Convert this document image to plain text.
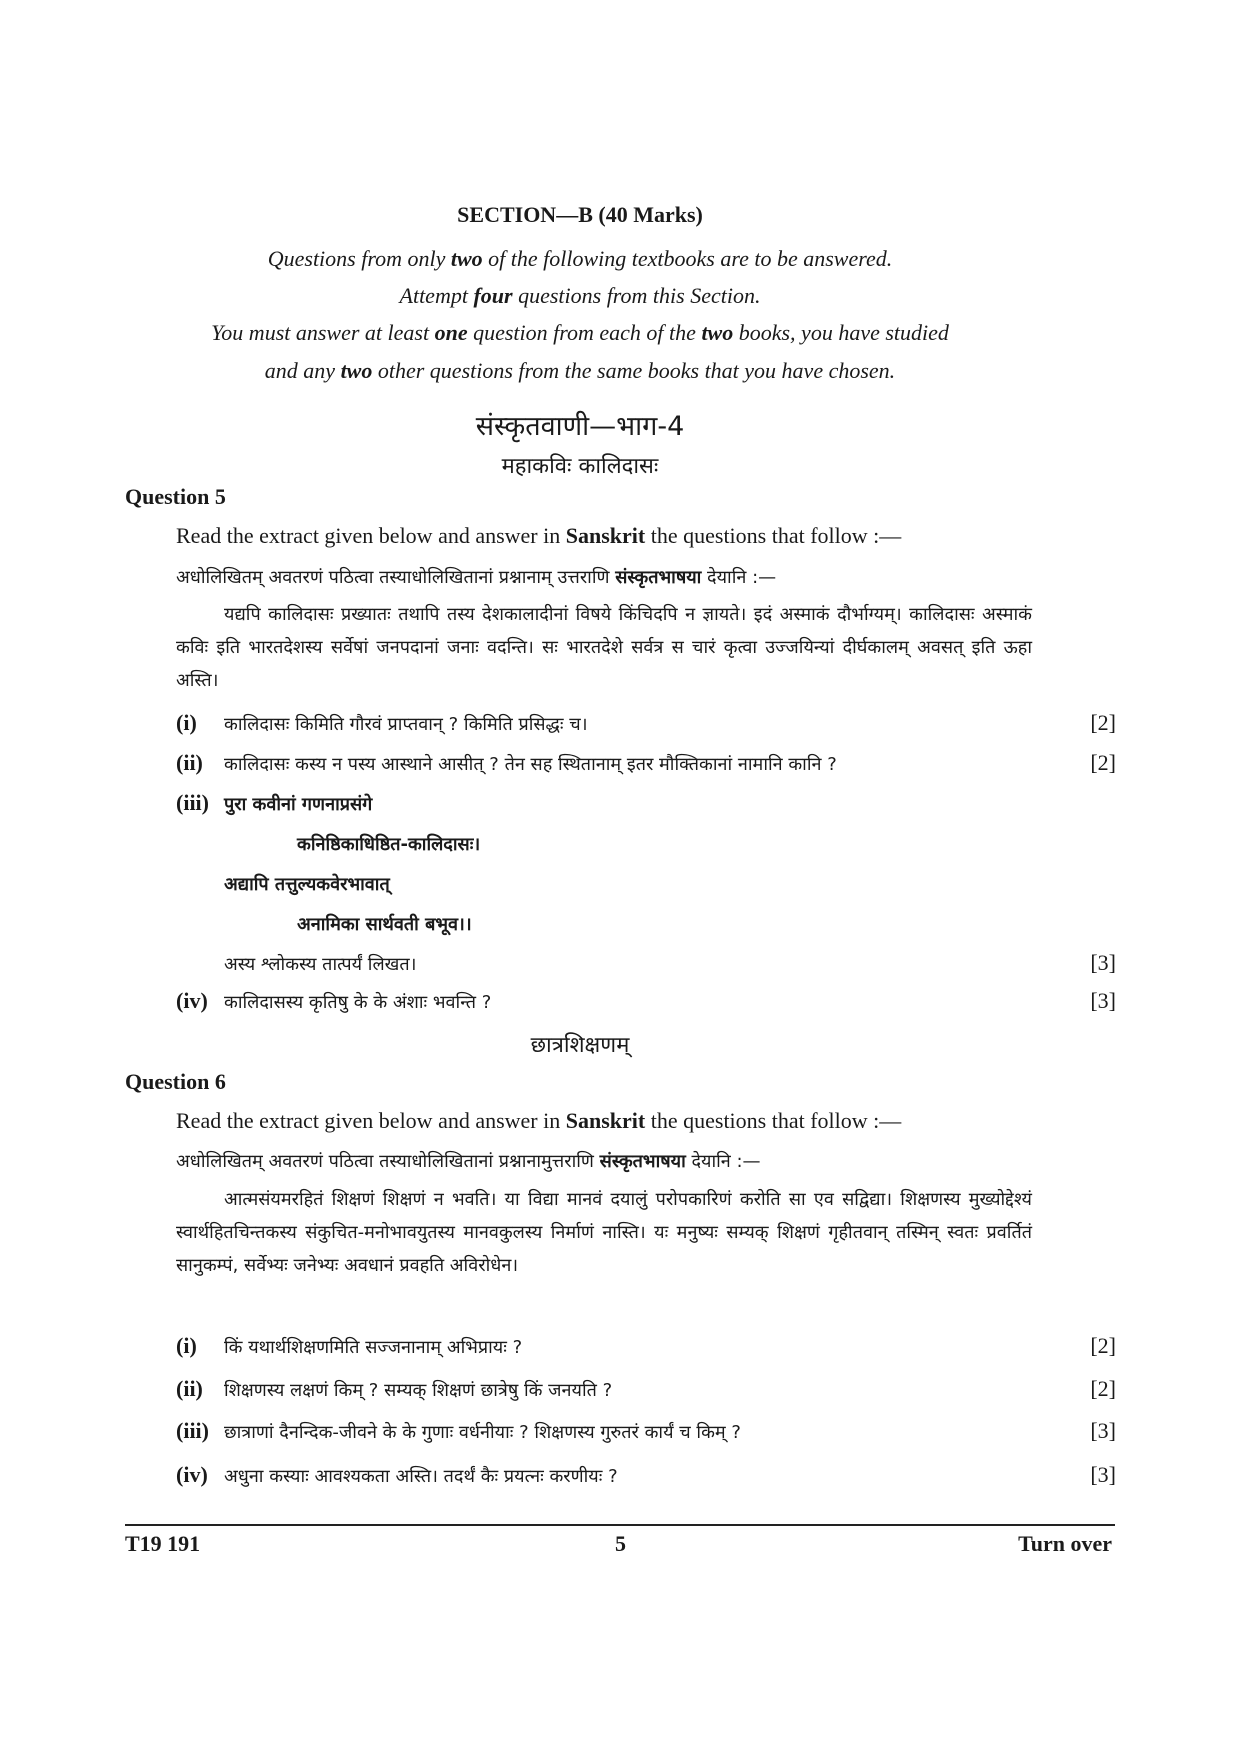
SECTION—B (40 Marks)
Questions from only two of the following textbooks are to be answered.
Attempt four questions from this Section.
You must answer at least one question from each of the two books, you have studied
and any two other questions from the same books that you have chosen.
संस्कृतवाणी—भाग-4
महाकविः कालिदासः
Question 5
Read the extract given below and answer in Sanskrit the questions that follow :—
अधोलिखितम् अवतरणं पठित्वा तस्याधोलिखितानां प्रश्नानाम् उत्तराणि संस्कृतभाषया देयानि :—
यद्यपि कालिदासः प्रख्यातः तथापि तस्य देशकालादीनां विषये किंचिदपि न ज्ञायते। इदं अस्माकं दौर्भाग्यम्। कालिदासः अस्माकं कविः इति भारतदेशस्य सर्वेषां जनपदानां जनाः वदन्ति। सः भारतदेशे सर्वत्र स चारं कृत्वा उज्जयिन्यां दीर्घकालम् अवसत् इति ऊहा अस्ति।
(i) कालिदासः किमिति गौरवं प्राप्तवान् ? किमिति प्रसिद्धः च।	[2]
(ii) कालिदासः कस्य न पस्य आस्थाने आसीत् ? तेन सह स्थितानाम् इतर मौक्तिकानां नामानि कानि ?	[2]
(iii) पुरा कवीनां गणनाप्रसंगे
कनिष्ठिकाधिष्ठित-कालिदासः।
अद्यापि तत्तुल्यकवेरभावात्
अनामिका सार्थवती बभूव।।
अस्य श्लोकस्य तात्पर्यं लिखत।	[3]
(iv) कालिदासस्य कृतिषु के के अंशाः भवन्ति ?	[3]
छात्रशिक्षणम्
Question 6
Read the extract given below and answer in Sanskrit the questions that follow :—
अधोलिखितम् अवतरणं पठित्वा तस्याधोलिखितानां प्रश्नानामुत्तराणि संस्कृतभाषया देयानि :—
आत्मसंयमरहितं शिक्षणं शिक्षणं न भवति। या विद्या मानवं दयालुं परोपकारिणं करोति सा एव सद्विद्या। शिक्षणस्य मुख्योद्देश्यं स्वार्थहितचिन्तकस्य संकुचित-मनोभावयुतस्य मानवकुलस्य निर्माणं नास्ति। यः मनुष्यः सम्यक् शिक्षणं गृहीतवान् तस्मिन् स्वतः प्रवर्तितं सानुकम्पं, सर्वेभ्यः जनेभ्यः अवधानं प्रवहति अविरोधेन।
(i) किं यथार्थशिक्षणमिति सज्जनानाम् अभिप्रायः ?	[2]
(ii) शिक्षणस्य लक्षणं किम् ? सम्यक् शिक्षणं छात्रेषु किं जनयति ?	[2]
(iii) छात्राणां दैनन्दिक-जीवने के के गुणाः वर्धनीयाः ? शिक्षणस्य गुरुतरं कार्यं च किम् ?	[3]
(iv) अधुना कस्याः आवश्यकता अस्ति। तदर्थं कैः प्रयत्नः करणीयः ?	[3]
T19 191	5	Turn over
